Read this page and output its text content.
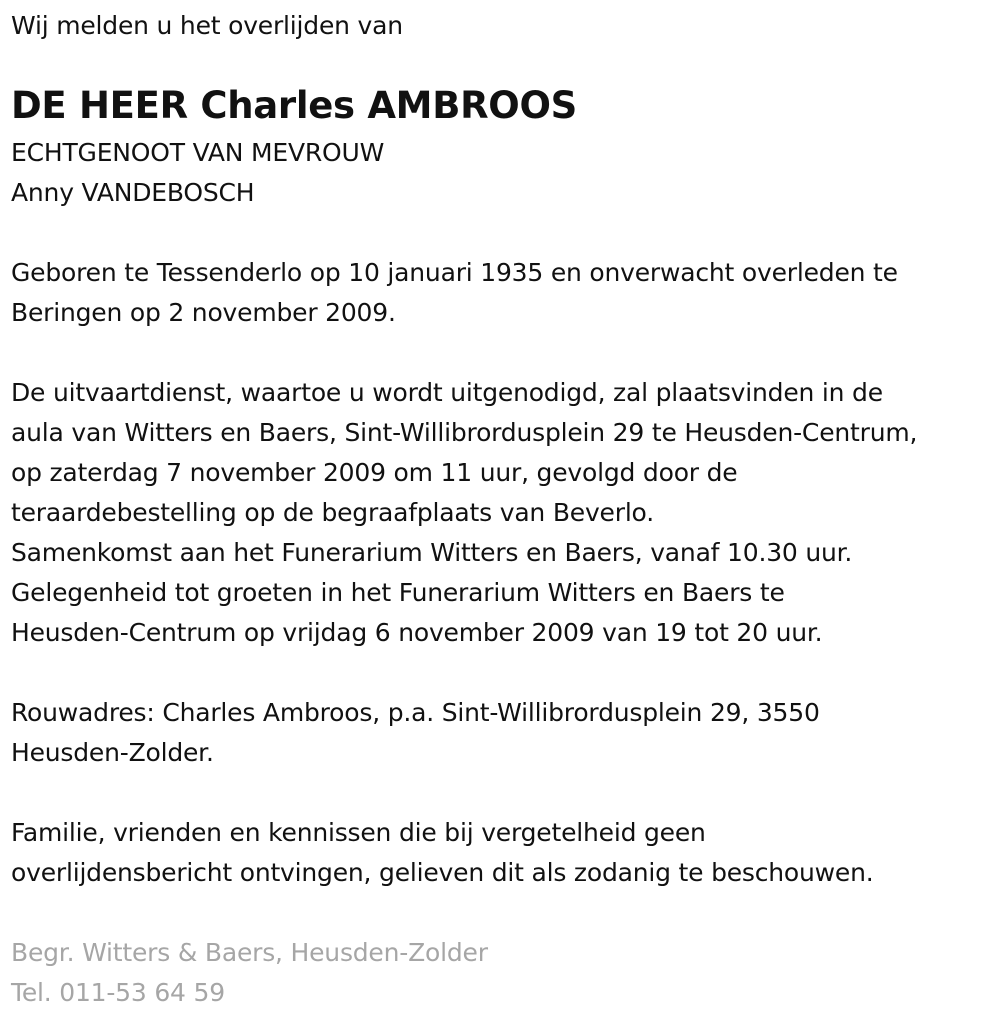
Wij melden u het overlijden van
DE HEER Charles AMBROOS
ECHTGENOOT VAN MEVROUW
Anny VANDEBOSCH
Geboren te Tessenderlo op 10 januari 1935 en onverwacht overleden te
Beringen op 2 november 2009.
De uitvaartdienst, waartoe u wordt uitgenodigd, zal plaatsvinden in de
aula van Witters en Baers, Sint-Willibrordusplein 29 te Heusden-Centrum,
op zaterdag 7 november 2009 om 11 uur, gevolgd door de
teraardebestelling op de begraafplaats van Beverlo.
Samenkomst aan het Funerarium Witters en Baers, vanaf 10.30 uur.
Gelegenheid tot groeten in het Funerarium Witters en Baers te
Heusden-Centrum op vrijdag 6 november 2009 van 19 tot 20 uur.
Rouwadres: Charles Ambroos, p.a. Sint-Willibrordusplein 29, 3550
Heusden-Zolder.
Familie, vrienden en kennissen die bij vergetelheid geen
overlijdensbericht ontvingen, gelieven dit als zodanig te beschouwen.
Begr. Witters & Baers, Heusden-Zolder
Tel. 011-53 64 59
